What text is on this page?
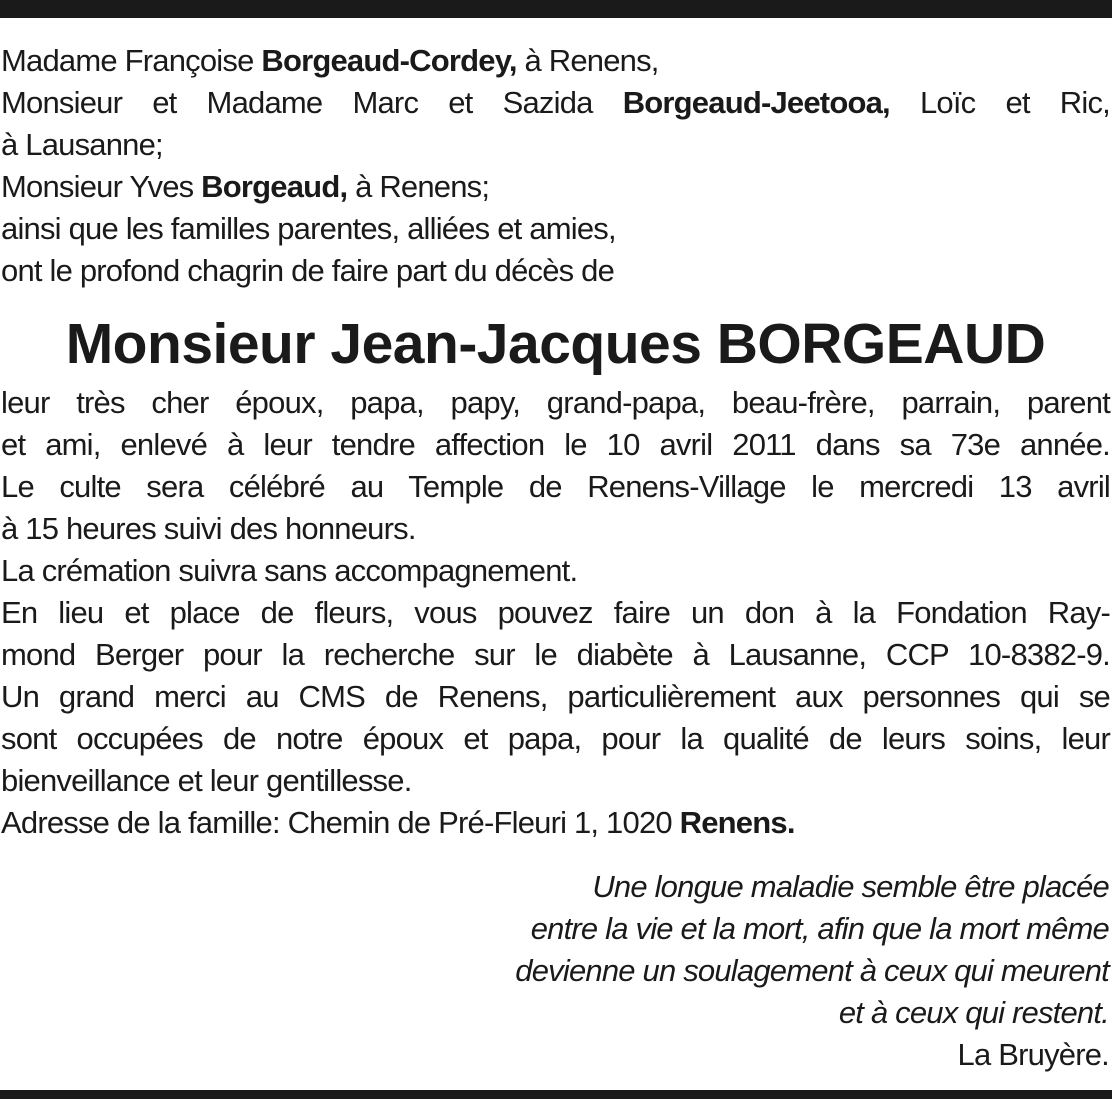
Madame Françoise Borgeaud-Cordey, à Renens,
Monsieur et Madame Marc et Sazida Borgeaud-Jeetooa, Loïc et Ric,
à Lausanne;
Monsieur Yves Borgeaud, à Renens;
ainsi que les familles parentes, alliées et amies,
ont le profond chagrin de faire part du décès de
Monsieur Jean-Jacques BORGEAUD
leur très cher époux, papa, papy, grand-papa, beau-frère, parrain, parent
et ami, enlevé à leur tendre affection le 10 avril 2011 dans sa 73e année.
Le culte sera célébré au Temple de Renens-Village le mercredi 13 avril
à 15 heures suivi des honneurs.
La crémation suivra sans accompagnement.
En lieu et place de fleurs, vous pouvez faire un don à la Fondation Ray-
mond Berger pour la recherche sur le diabète à Lausanne, CCP 10-8382-9.
Un grand merci au CMS de Renens, particulièrement aux personnes qui se
sont occupées de notre époux et papa, pour la qualité de leurs soins, leur
bienveillance et leur gentillesse.
Adresse de la famille: Chemin de Pré-Fleuri 1, 1020 Renens.
Une longue maladie semble être placée
entre la vie et la mort, afin que la mort même
devienne un soulagement à ceux qui meurent
et à ceux qui restent.
La Bruyère.
